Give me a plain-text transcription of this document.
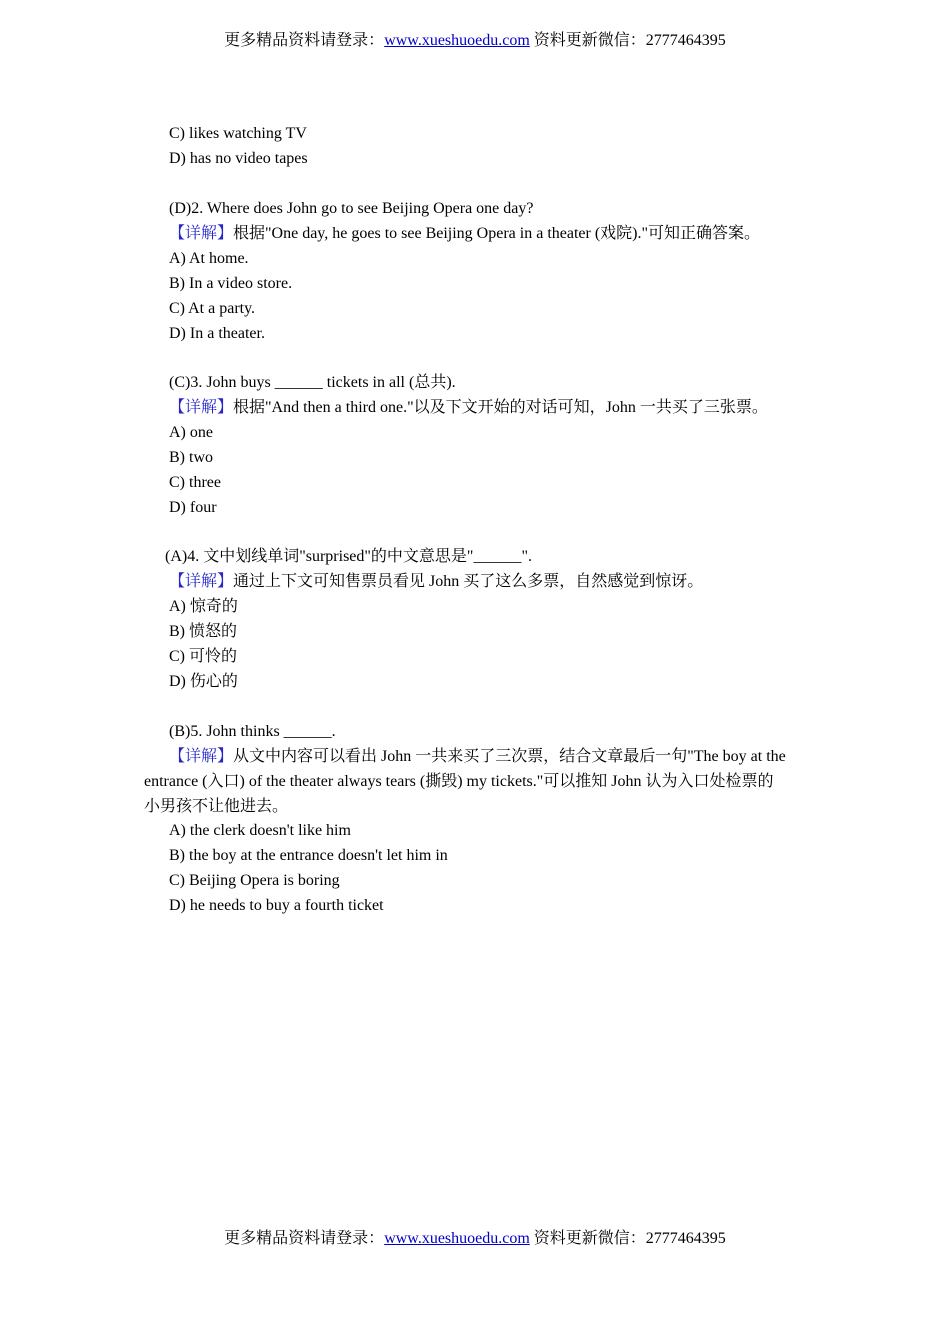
更多精品资料请登录：www.xueshuoedu.com 资料更新微信：2777464395
C) likes watching TV
D) has no video tapes
(D)2. Where does John go to see Beijing Opera one day?
【详解】根据"One day, he goes to see Beijing Opera in a theater (戏院)."可知正确答案。
A) At home.
B) In a video store.
C) At a party.
D) In a theater.
(C)3. John buys ______ tickets in all (总共).
【详解】根据"And then a third one."以及下文开始的对话可知，John 一共买了三张票。
A) one
B) two
C) three
D) four
(A)4. 文中划线单词"surprised"的中文意思是"______".
【详解】通过上下文可知售票员看见 John 买了这么多票，自然感觉到惊讶。
A) 惊奇的
B) 愤怒的
C) 可怜的
D) 伤心的
(B)5. John thinks ______.
【详解】从文中内容可以看出 John 一共来买了三次票，结合文章最后一句"The boy at the
entrance (入口) of the theater always tears (撕毁) my tickets."可以推知 John 认为入口处检票的
小男孩不让他进去。
A) the clerk doesn't like him
B) the boy at the entrance doesn't let him in
C) Beijing Opera is boring
D) he needs to buy a fourth ticket
更多精品资料请登录：www.xueshuoedu.com 资料更新微信：2777464395
